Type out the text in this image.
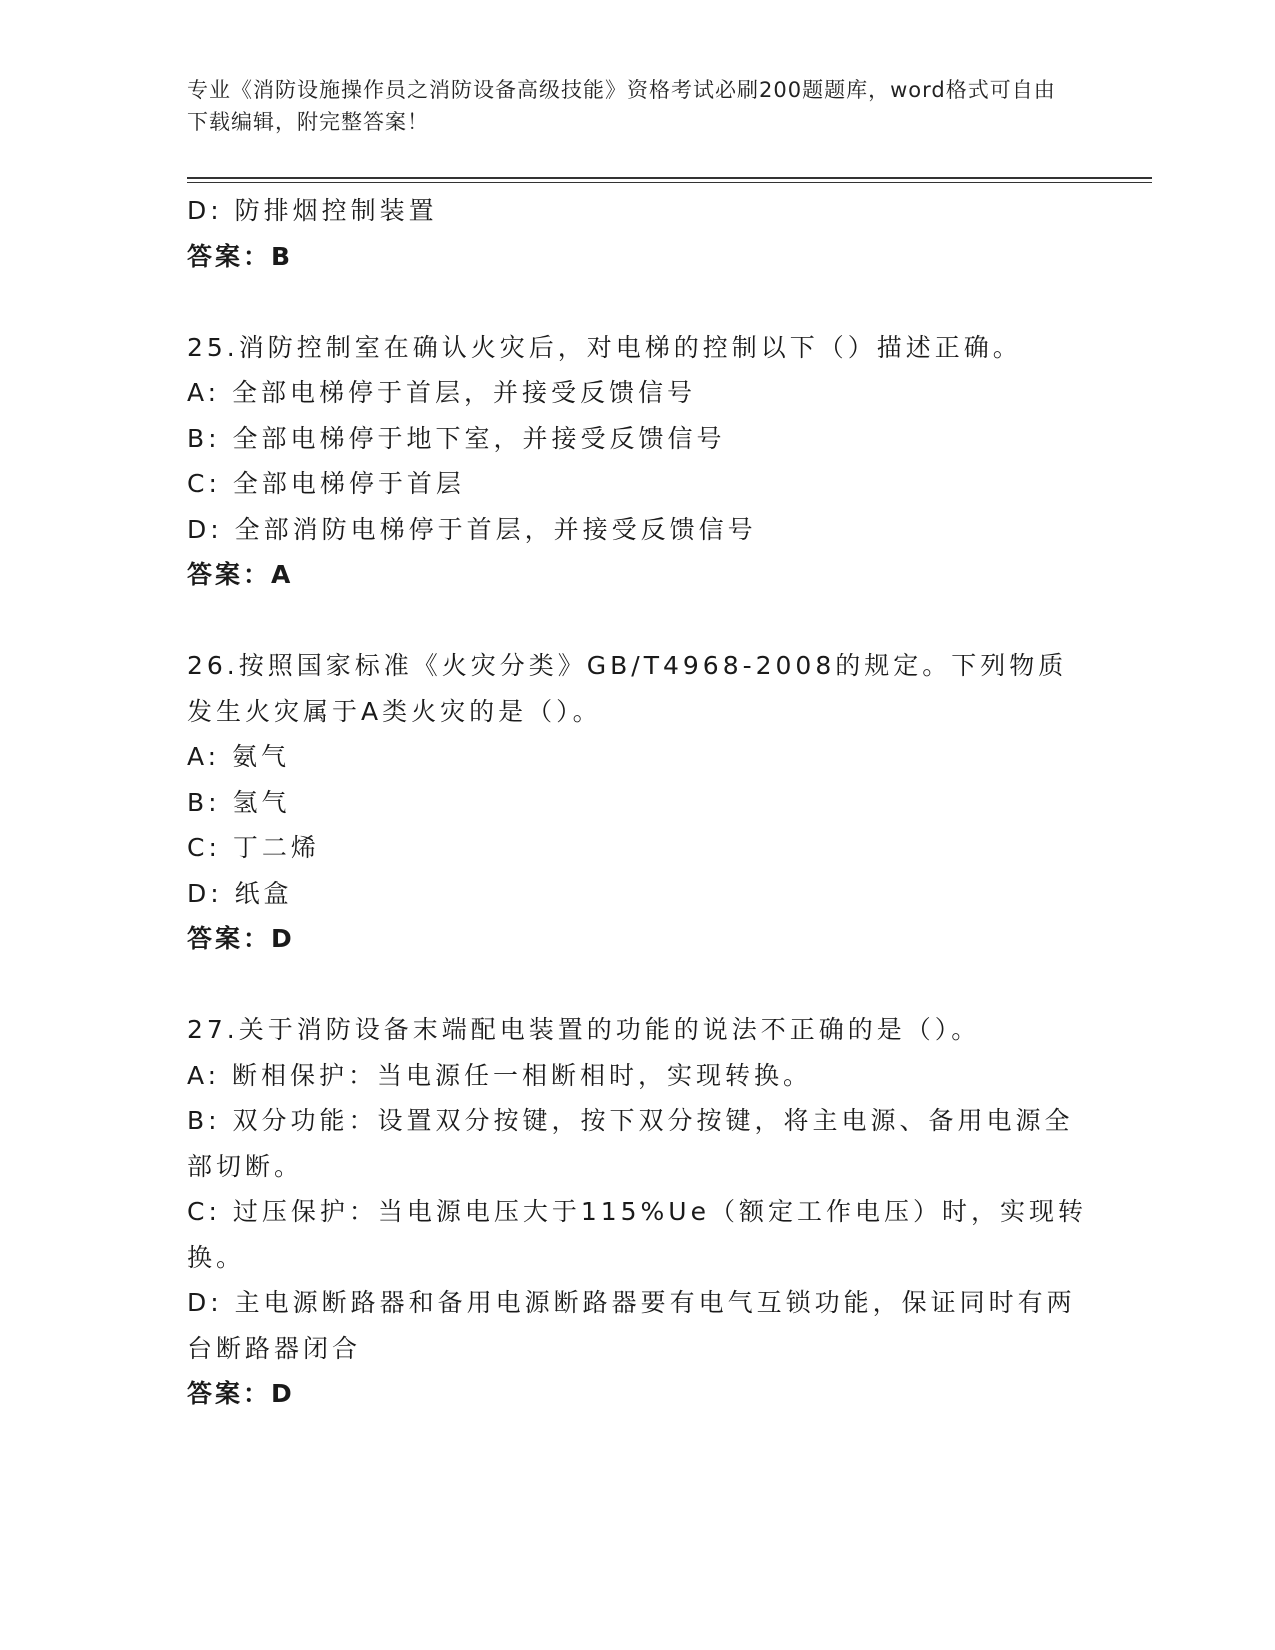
专业《消防设施操作员之消防设备高级技能》资格考试必刷200题题库，word格式可自由下载编辑，附完整答案！

D: 防排烟控制装置

答案：B

25.消防控制室在确认火灾后，对电梯的控制以下（）描述正确。

A: 全部电梯停于首层，并接受反馈信号

B: 全部电梯停于地下室，并接受反馈信号

C: 全部电梯停于首层

D: 全部消防电梯停于首层，并接受反馈信号

答案：A

26.按照国家标准《火灾分类》GB/T4968-2008的规定。下列物质发生火灾属于A类火灾的是（）。

A: 氨气

B: 氢气

C: 丁二烯

D: 纸盒

答案：D

27.关于消防设备末端配电装置的功能的说法不正确的是（）。

A: 断相保护：当电源任一相断相时，实现转换。

B: 双分功能：设置双分按键，按下双分按键，将主电源、备用电源全部切断。

C: 过压保护：当电源电压大于115%Ue（额定工作电压）时，实现转换。

D: 主电源断路器和备用电源断路器要有电气互锁功能，保证同时有两台断路器闭合

答案：D
